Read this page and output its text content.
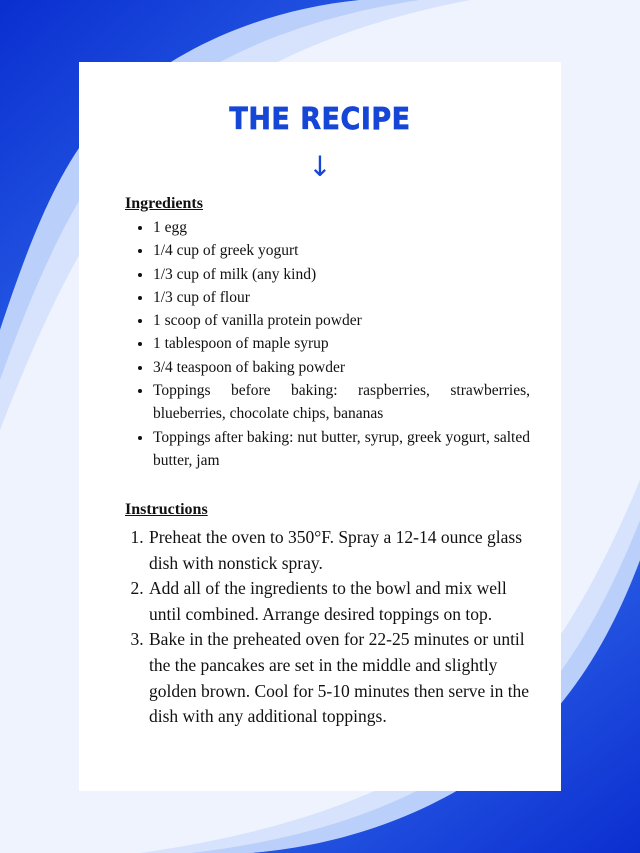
THE RECIPE
↓
Ingredients
• 1 egg
• 1/4 cup of greek yogurt
• 1/3 cup of milk (any kind)
• 1/3 cup of flour
• 1 scoop of vanilla protein powder
• 1 tablespoon of maple syrup
• 3/4 teaspoon of baking powder
• Toppings before baking: raspberries, strawberries, blueberries, chocolate chips, bananas
• Toppings after baking: nut butter, syrup, greek yogurt, salted butter, jam
Instructions
1. Preheat the oven to 350°F. Spray a 12-14 ounce glass dish with nonstick spray.
2. Add all of the ingredients to the bowl and mix well until combined. Arrange desired toppings on top.
3. Bake in the preheated oven for 22-25 minutes or until the the pancakes are set in the middle and slightly golden brown. Cool for 5-10 minutes then serve in the dish with any additional toppings.
